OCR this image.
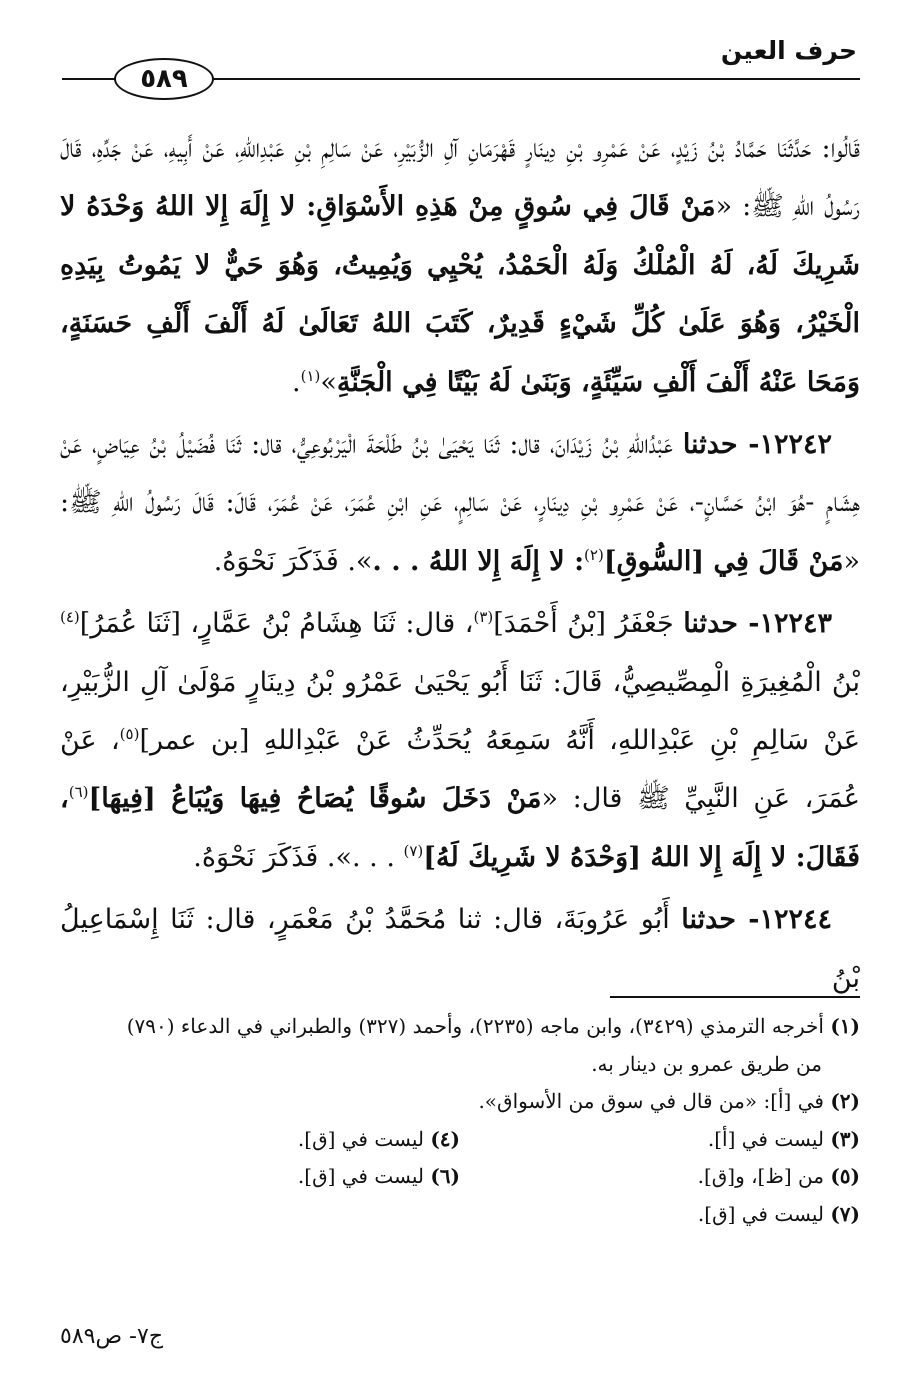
حرف العين
٥٨٩

قَالُوا: حَدَّثَنَا حَمَّادُ بْنُ زَيْدٍ، عَنْ عَمْرِو بْنِ دِينَارٍ قَهْرَمَانِ آلِ الزُّبَيْرِ، عَنْ سَالِمِ بْنِ عَبْدِاللهِ، عَنْ أَبِيهِ، عَنْ جَدِّهِ، قَالَ رَسُولُ اللهِ ﷺ: «مَنْ قَالَ فِي سُوقٍ مِنْ هَذِهِ الأَسْوَاقِ: لا إِلَهَ إِلا اللهُ وَحْدَهُ لا شَرِيكَ لَهُ، لَهُ الْمُلْكُ وَلَهُ الْحَمْدُ، يُحْيِي وَيُمِيتُ، وَهُوَ حَيٌّ لا يَمُوتُ بِيَدِهِ الْخَيْرُ، وَهُوَ عَلَىٰ كُلِّ شَيْءٍ قَدِيرٌ، كَتَبَ اللهُ تَعَالَىٰ لَهُ أَلْفَ أَلْفِ حَسَنَةٍ، وَمَحَا عَنْهُ أَلْفَ أَلْفِ سَيِّئَةٍ، وَبَنَىٰ لَهُ بَيْتًا فِي الْجَنَّةِ»$^{(١)}$.

١٢٢٤٢- حدثنا عَبْدُاللهِ بْنُ زَيْدَانَ، قال: ثَنَا يَحْيَىٰ بْنُ طَلْحَةَ الْيَرْبُوعِيُّ، قال: ثَنَا فُضَيْلُ بْنُ عِيَاضٍ، عَنْ هِشَامٍ -هُوَ ابْنُ حَسَّانٍ-، عَنْ عَمْرِو بْنِ دِينَارٍ، عَنْ سَالِمٍ، عَنِ ابْنِ عُمَرَ، عَنْ عُمَرَ، قَالَ: قَالَ رَسُولُ اللهِ ﷺ: «مَنْ قَالَ فِي [السُّوقِ]$^{(٢)}$: لا إِلَهَ إِلا اللهُ . . .». فَذَكَرَ نَحْوَهُ.

١٢٢٤٣- حدثنا جَعْفَرُ [بْنُ أَحْمَدَ]$^{(٣)}$، قال: ثَنَا هِشَامُ بْنُ عَمَّارٍ، [ثَنَا عُمَرُ]$^{(٤)}$ بْنُ الْمُغِيرَةِ الْمِصِّيصِيُّ، قَالَ: ثَنَا أَبُو يَحْيَىٰ عَمْرُو بْنُ دِينَارٍ مَوْلَىٰ آلِ الزُّبَيْرِ، عَنْ سَالِمِ بْنِ عَبْدِاللهِ، أَنَّهُ سَمِعَهُ يُحَدِّثُ عَنْ عَبْدِاللهِ [بن عمر]$^{(٥)}$، عَنْ عُمَرَ، عَنِ النَّبِيِّ ﷺ قال: «مَنْ دَخَلَ سُوقًا يُصَاحُ فِيهَا وَيُبَاعُ [فِيهَا]$^{(٦)}$، فَقَالَ: لا إِلَهَ إِلا اللهُ [وَحْدَهُ لا شَرِيكَ لَهُ]$^{(٧)}$ . . .». فَذَكَرَ نَحْوَهُ.

١٢٢٤٤- حدثنا أَبُو عَرُوبَةَ، قال: ثنا مُحَمَّدُ بْنُ مَعْمَرٍ، قال: ثَنَا إِسْمَاعِيلُ بْنُ

(١) أخرجه الترمذي (٣٤٢٩)، وابن ماجه (٢٢٣٥)، وأحمد (٣٢٧) والطبراني في الدعاء (٧٩٠)

من طريق عمرو بن دينار به.

(٢) في [أ]: «من قال في سوق من الأسواق».

(٣) ليست في [أ].

(٤) ليست في [ق].

(٥) من [ظ]، و[ق].

(٦) ليست في [ق].

(٧) ليست في [ق].

ج٧- ص٥٨٩
